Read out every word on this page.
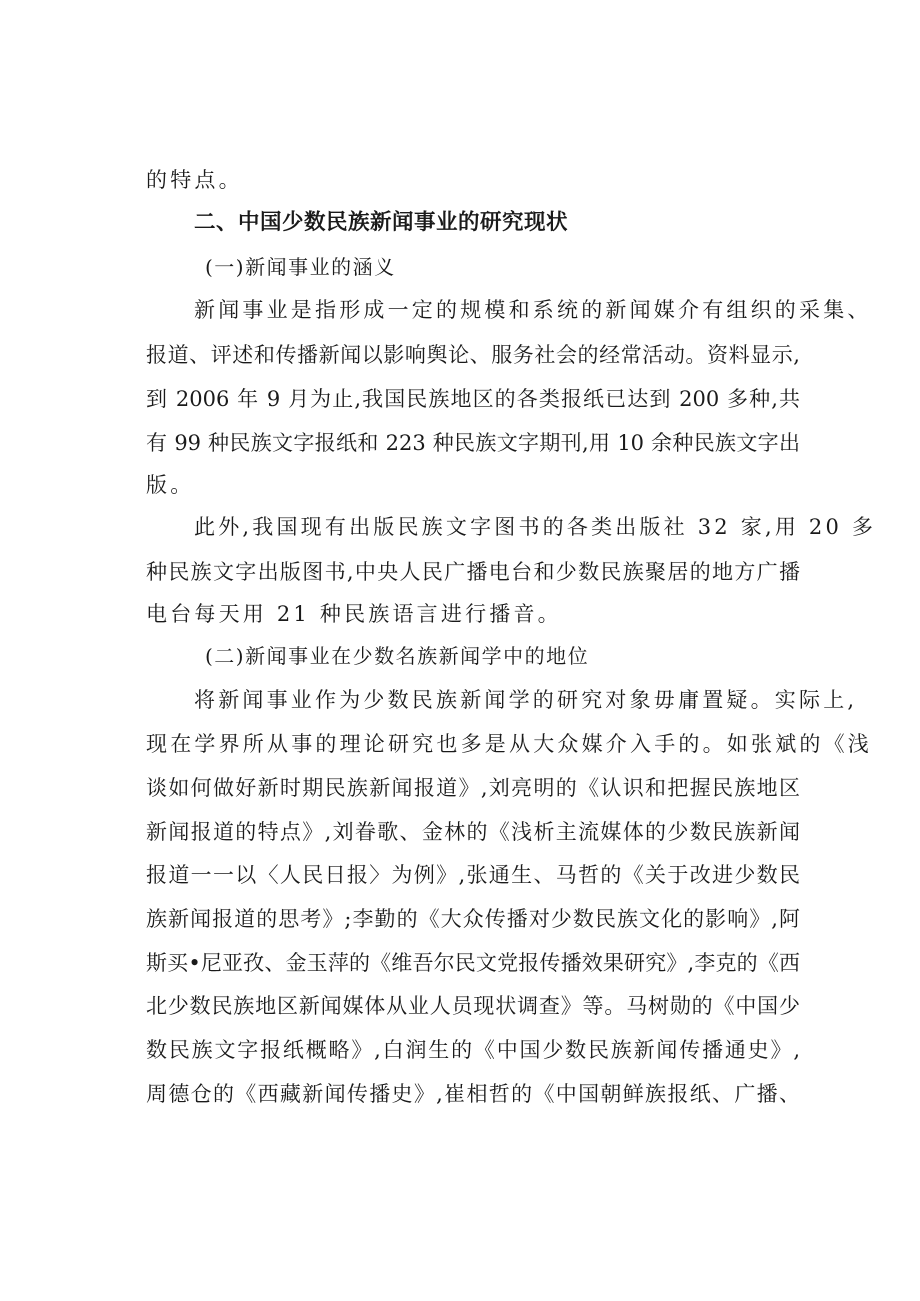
的特点。
二、中国少数民族新闻事业的研究现状
(一)新闻事业的涵义
新闻事业是指形成一定的规模和系统的新闻媒介有组织的采集、
报道、评述和传播新闻以影响舆论、服务社会的经常活动。资料显示,
到 2006 年 9 月为止,我国民族地区的各类报纸已达到 200 多种,共
有 99 种民族文字报纸和 223 种民族文字期刊,用 10 余种民族文字出
版。
此外,我国现有出版民族文字图书的各类出版社 32 家,用 20 多
种民族文字出版图书,中央人民广播电台和少数民族聚居的地方广播
电台每天用 21 种民族语言进行播音。
(二)新闻事业在少数名族新闻学中的地位
将新闻事业作为少数民族新闻学的研究对象毋庸置疑。实际上,
现在学界所从事的理论研究也多是从大众媒介入手的。如张斌的《浅
谈如何做好新时期民族新闻报道》,刘亮明的《认识和把握民族地区
新闻报道的特点》,刘眷歌、金林的《浅析主流媒体的少数民族新闻
报道一一以〈人民日报〉为例》,张通生、马哲的《关于改进少数民
族新闻报道的思考》;李勤的《大众传播对少数民族文化的影响》,阿
斯买•尼亚孜、金玉萍的《维吾尔民文党报传播效果研究》,李克的《西
北少数民族地区新闻媒体从业人员现状调查》等。马树勋的《中国少
数民族文字报纸概略》,白润生的《中国少数民族新闻传播通史》,
周德仓的《西藏新闻传播史》,崔相哲的《中国朝鲜族报纸、广播、
